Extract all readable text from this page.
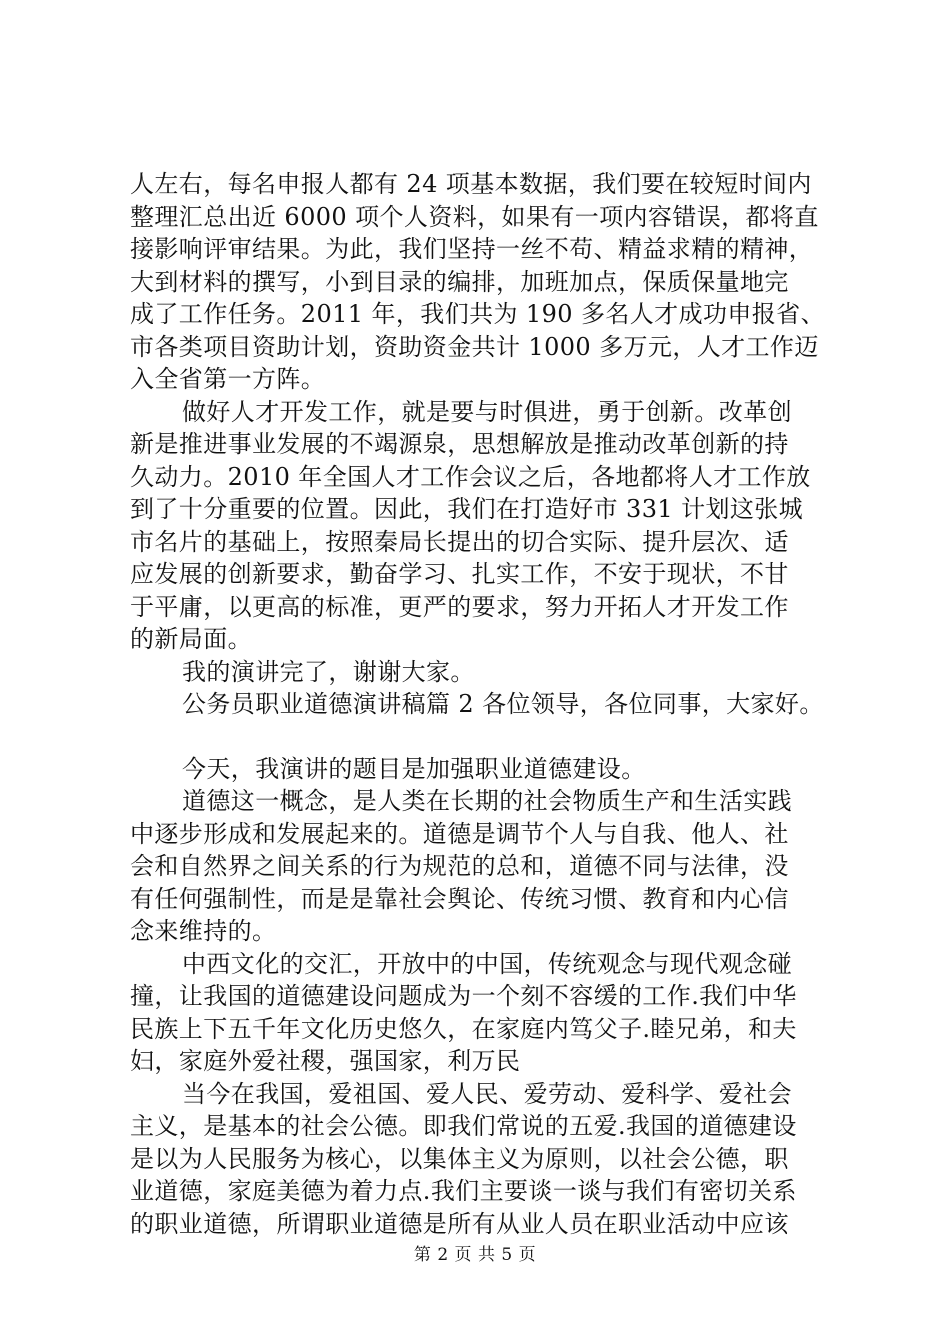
人左右，每名申报人都有 24 项基本数据，我们要在较短时间内
整理汇总出近 6000 项个人资料，如果有一项内容错误，都将直
接影响评审结果。为此，我们坚持一丝不苟、精益求精的精神，
大到材料的撰写，小到目录的编排，加班加点，保质保量地完
成了工作任务。2011 年，我们共为 190 多名人才成功申报省、
市各类项目资助计划，资助资金共计 1000 多万元，人才工作迈
入全省第一方阵。
做好人才开发工作，就是要与时俱进，勇于创新。改革创
新是推进事业发展的不竭源泉，思想解放是推动改革创新的持
久动力。2010 年全国人才工作会议之后，各地都将人才工作放
到了十分重要的位置。因此，我们在打造好市 331 计划这张城
市名片的基础上，按照秦局长提出的切合实际、提升层次、适
应发展的创新要求，勤奋学习、扎实工作，不安于现状，不甘
于平庸，以更高的标准，更严的要求，努力开拓人才开发工作
的新局面。
我的演讲完了，谢谢大家。
公务员职业道德演讲稿篇 2 各位领导，各位同事，大家好。
今天，我演讲的题目是加强职业道德建设。
道德这一概念，是人类在长期的社会物质生产和生活实践
中逐步形成和发展起来的。道德是调节个人与自我、他人、社
会和自然界之间关系的行为规范的总和，道德不同与法律，没
有任何强制性，而是是靠社会舆论、传统习惯、教育和内心信
念来维持的。
中西文化的交汇，开放中的中国，传统观念与现代观念碰
撞，让我国的道德建设问题成为一个刻不容缓的工作.我们中华
民族上下五千年文化历史悠久，在家庭内笃父子.睦兄弟，和夫
妇，家庭外爱社稷，强国家，利万民
当今在我国，爱祖国、爱人民、爱劳动、爱科学、爱社会
主义，是基本的社会公德。即我们常说的五爱.我国的道德建设
是以为人民服务为核心，以集体主义为原则，以社会公德，职
业道德，家庭美德为着力点.我们主要谈一谈与我们有密切关系
的职业道德，所谓职业道德是所有从业人员在职业活动中应该
第 2 页 共 5 页
